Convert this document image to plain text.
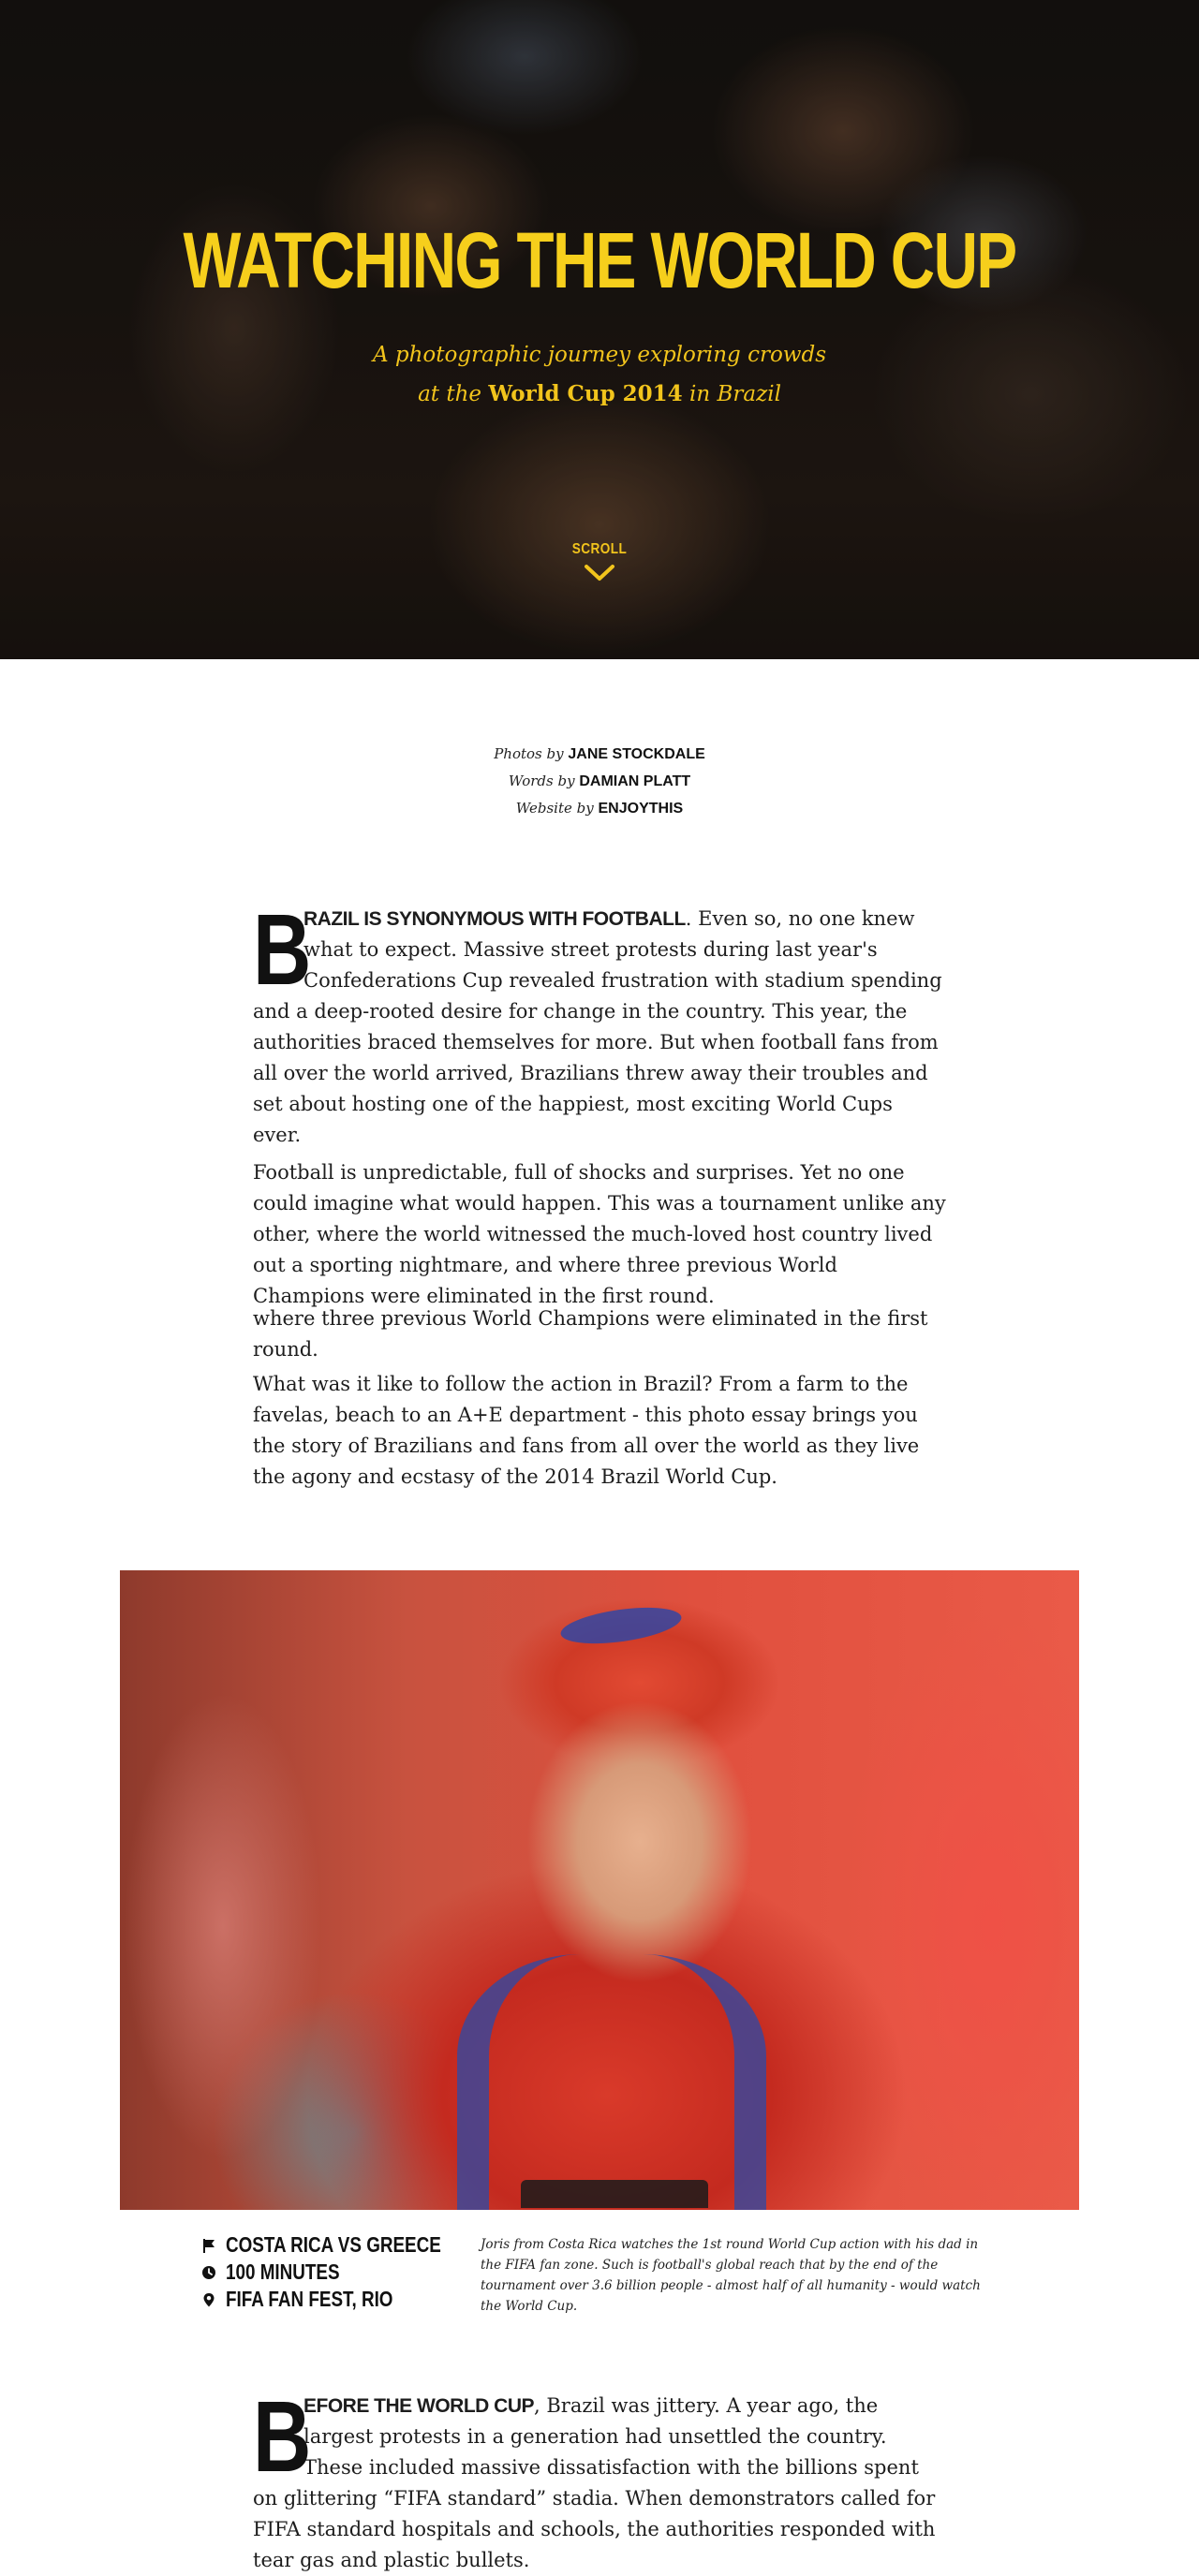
WATCHING THE WORLD CUP

A photographic journey exploring crowds
at the World Cup 2014 in Brazil

SCROLL
Photos by JANE STOCKDALE
Words by DAMIAN PLATT
Website by ENJOYTHIS

B
RAZIL IS SYNONYMOUS WITH FOOTBALL. Even so, no one knew what to expect. Massive street protests during last year's Confederations Cup revealed frustration with stadium spending and a deep-rooted desire for change in the country. This year, the authorities braced themselves for more. But when football fans from all over the world arrived, Brazilians threw away their troubles and set about hosting one of the happiest, most exciting World Cups ever.

Football is unpredictable, full of shocks and surprises. Yet no one could imagine what would happen. This was a tournament unlike any other, where the world witnessed the much-loved host country lived out a sporting nightmare, and where three previous World Champions were eliminated in the first round.

where three previous World Champions were eliminated in the first round.

What was it like to follow the action in Brazil? From a farm to the favelas, beach to an A+E department - this photo essay brings you the story of Brazilians and fans from all over the world as they live the agony and ecstasy of the 2014 Brazil World Cup.

COSTA RICA VS GREECE
100 MINUTES
FIFA FAN FEST, RIO

Joris from Costa Rica watches the 1st round World Cup action with his dad in the FIFA fan zone. Such is football's global reach that by the end of the tournament over 3.6 billion people - almost half of all humanity - would watch the World Cup.

B
EFORE THE WORLD CUP, Brazil was jittery. A year ago, the largest protests in a generation had unsettled the country. These included massive dissatisfaction with the billions spent on glittering “FIFA standard” stadia. When demonstrators called for FIFA standard hospitals and schools, the authorities responded with tear gas and plastic bullets.
